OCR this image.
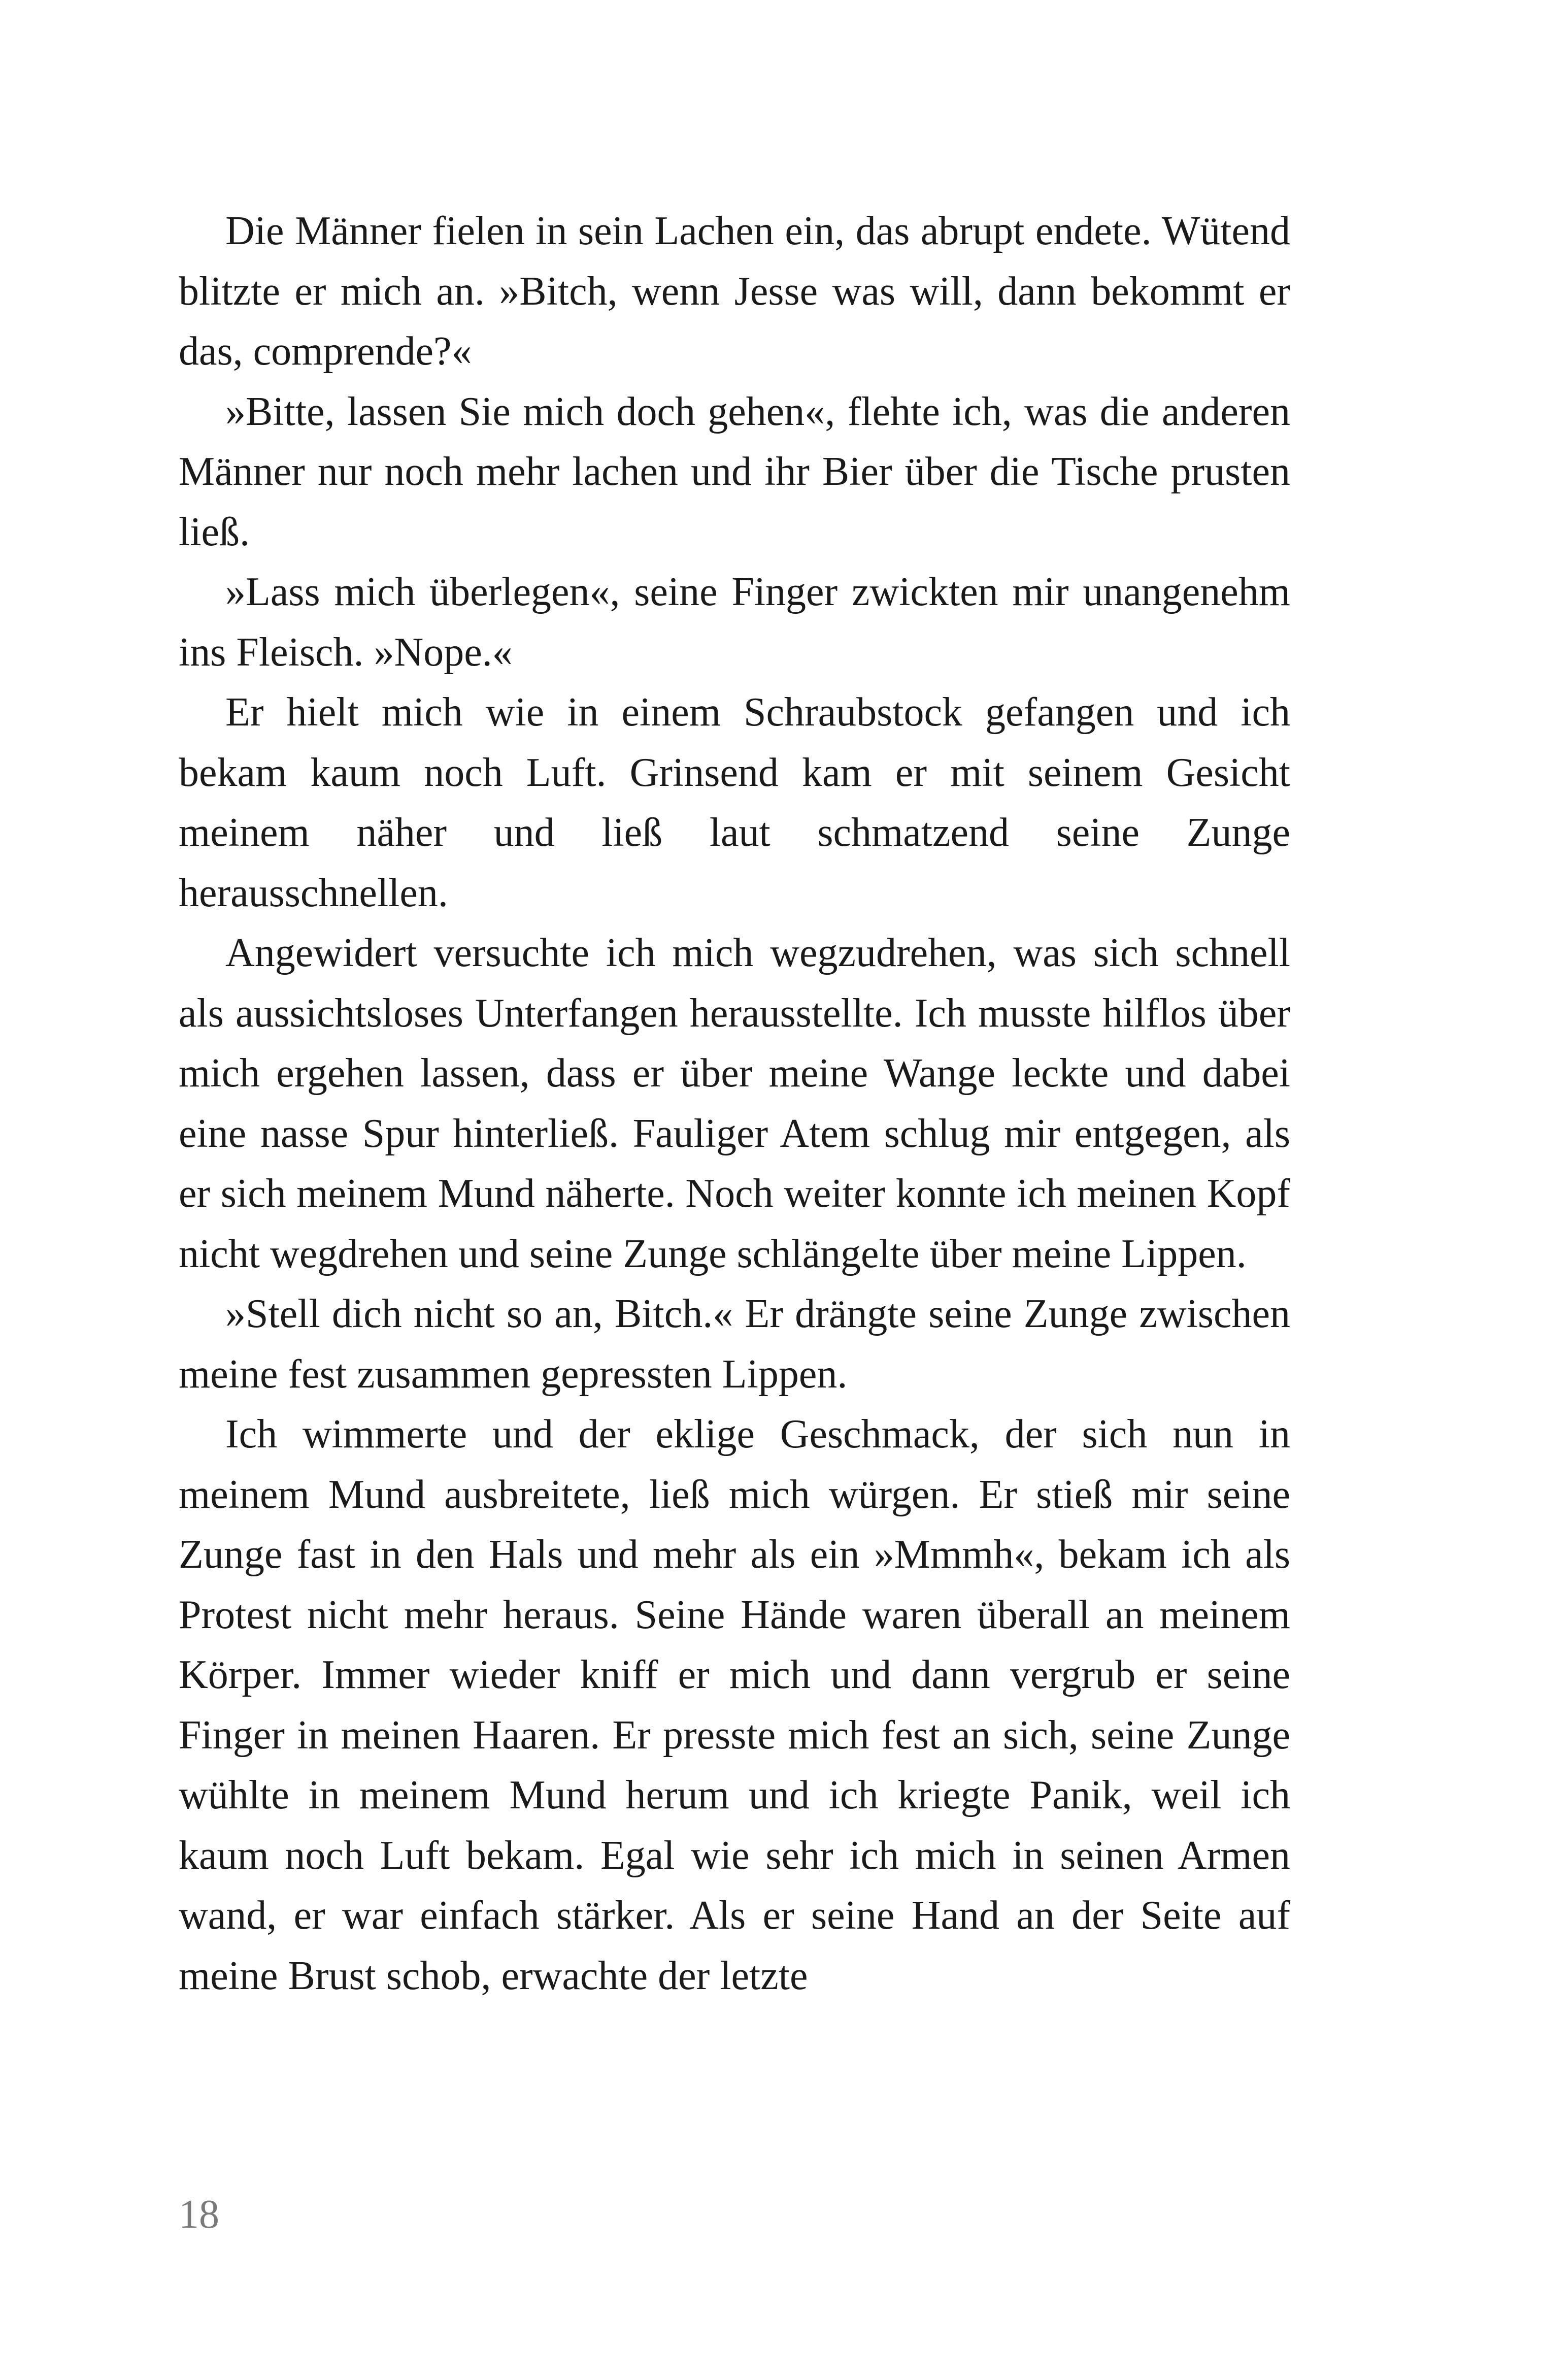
Die Männer fielen in sein Lachen ein, das abrupt endete. Wütend blitzte er mich an. »Bitch, wenn Jesse was will, dann bekommt er das, comprende?«

»Bitte, lassen Sie mich doch gehen«, flehte ich, was die anderen Männer nur noch mehr lachen und ihr Bier über die Tische prusten ließ.

»Lass mich überlegen«, seine Finger zwickten mir unangenehm ins Fleisch. »Nope.«

Er hielt mich wie in einem Schraubstock gefangen und ich bekam kaum noch Luft. Grinsend kam er mit seinem Gesicht meinem näher und ließ laut schmatzend seine Zunge herausschnellen.

Angewidert versuchte ich mich wegzudrehen, was sich schnell als aussichtsloses Unterfangen herausstellte. Ich musste hilflos über mich ergehen lassen, dass er über meine Wange leckte und dabei eine nasse Spur hinterließ. Fauliger Atem schlug mir entgegen, als er sich meinem Mund näherte. Noch weiter konnte ich meinen Kopf nicht wegdrehen und seine Zunge schlängelte über meine Lippen.

»Stell dich nicht so an, Bitch.« Er drängte seine Zunge zwischen meine fest zusammen gepressten Lippen.

Ich wimmerte und der eklige Geschmack, der sich nun in meinem Mund ausbreitete, ließ mich würgen. Er stieß mir seine Zunge fast in den Hals und mehr als ein »Mmmh«, bekam ich als Protest nicht mehr heraus. Seine Hände waren überall an meinem Körper. Immer wieder kniff er mich und dann vergrub er seine Finger in meinen Haaren. Er presste mich fest an sich, seine Zunge wühlte in meinem Mund herum und ich kriegte Panik, weil ich kaum noch Luft bekam. Egal wie sehr ich mich in seinen Armen wand, er war einfach stärker. Als er seine Hand an der Seite auf meine Brust schob, erwachte der letzte

18
